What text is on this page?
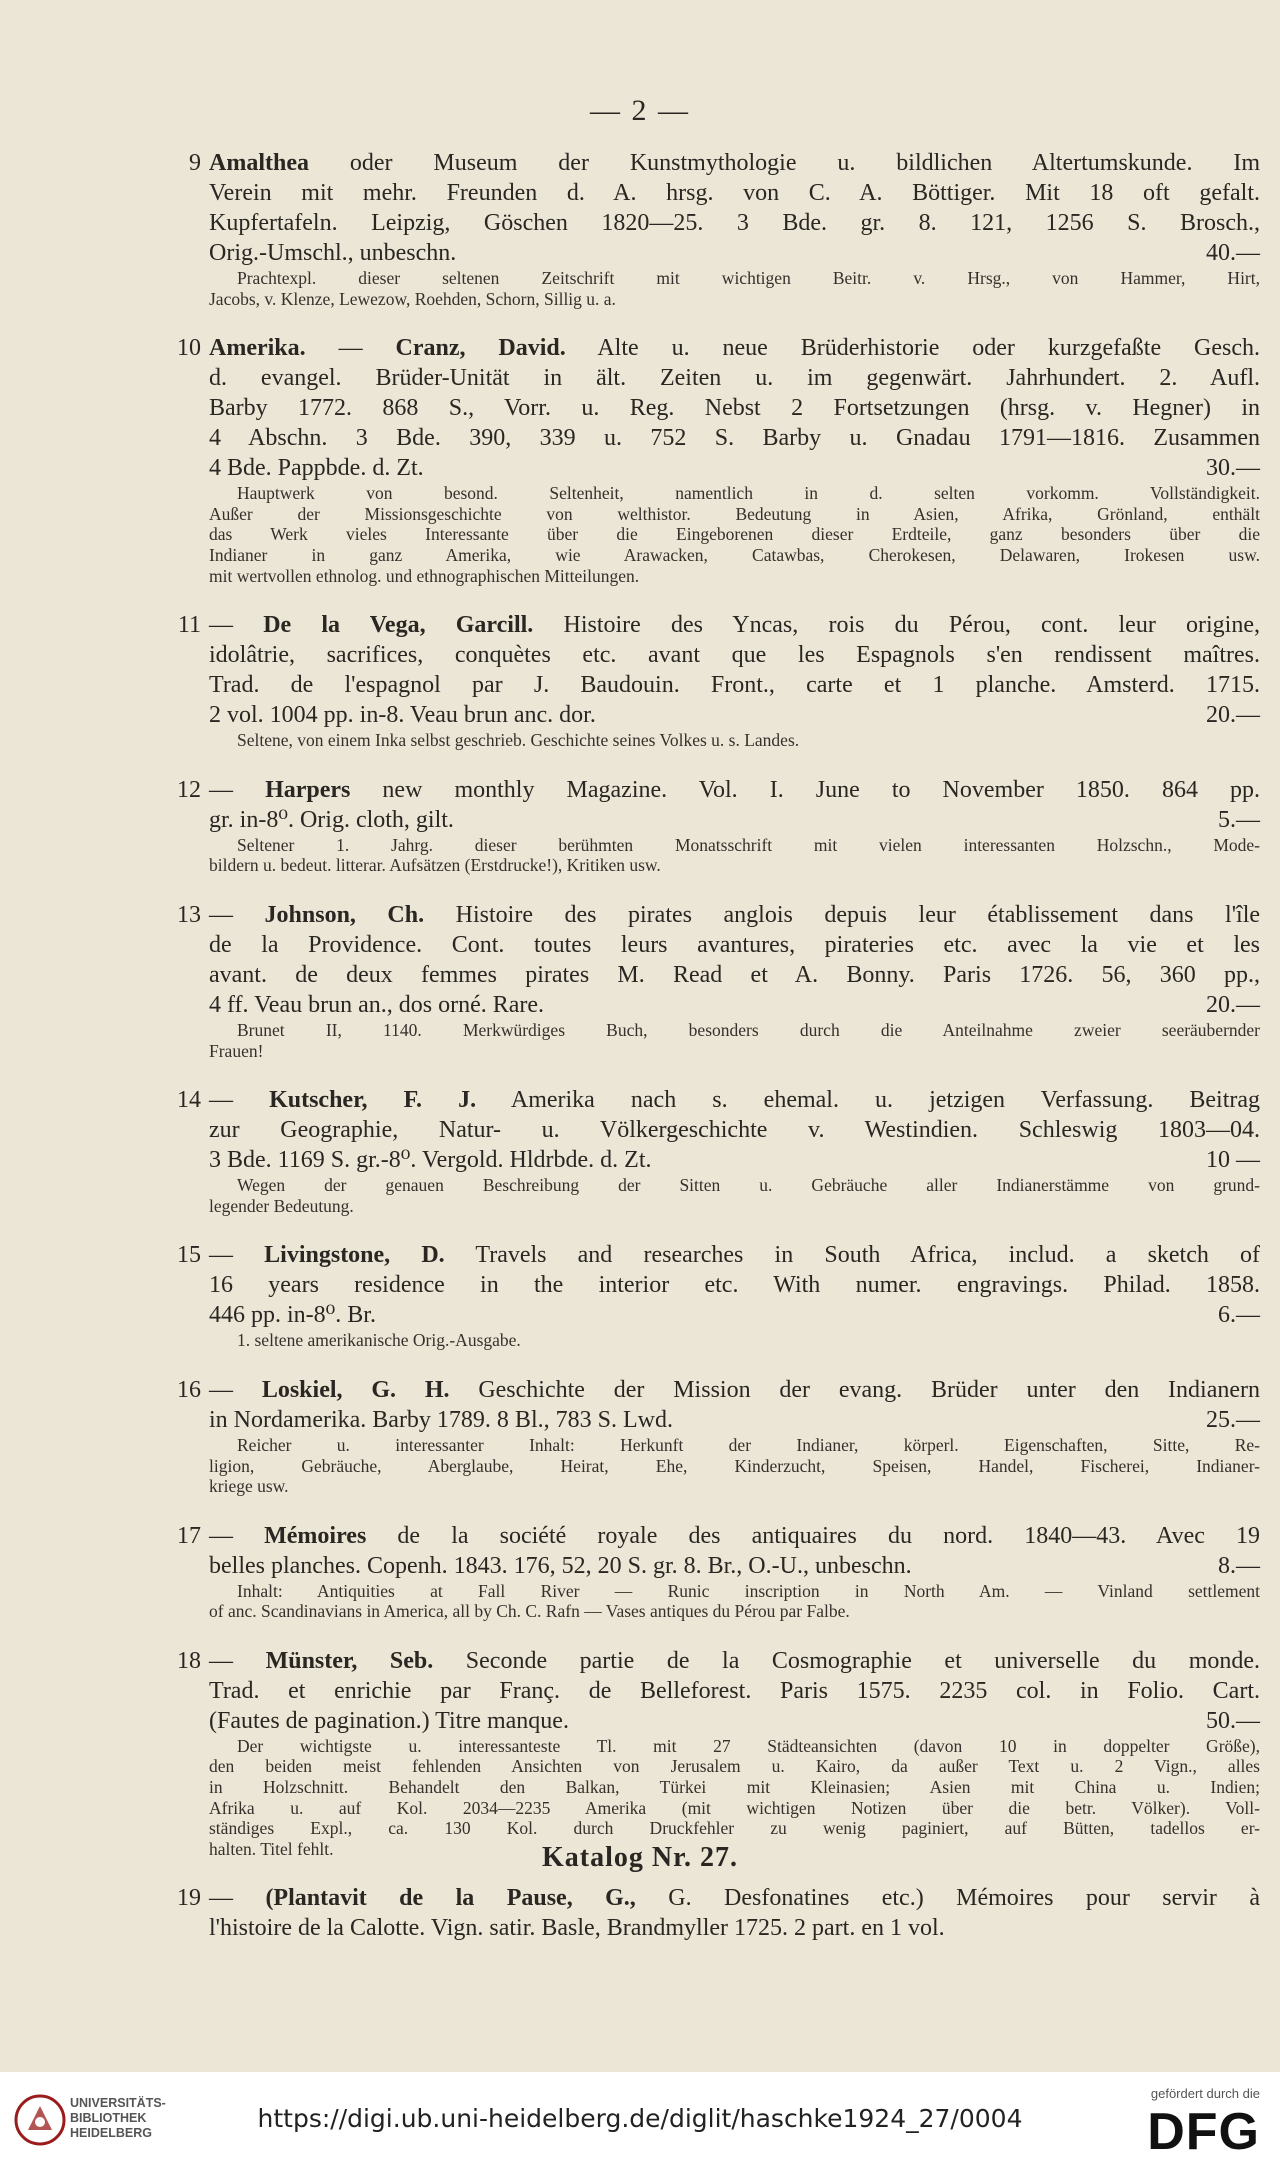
— 2 —
9 Amalthea oder Museum der Kunstmythologie u. bildlichen Altertumskunde. Im
Verein mit mehr. Freunden d. A. hrsg. von C. A. Böttiger. Mit 18 oft gefalt.
Kupfertafeln. Leipzig, Göschen 1820—25. 3 Bde. gr. 8. 121, 1256 S. Brosch.,
Orig.-Umschl., unbeschn.	40.—
Prachtexpl. dieser seltenen Zeitschrift mit wichtigen Beitr. v. Hrsg., von Hammer, Hirt,
Jacobs, v. Klenze, Lewezow, Roehden, Schorn, Sillig u. a.
10 Amerika. — Cranz, David. Alte u. neue Brüderhistorie oder kurzgefaßte Gesch.
d. evangel. Brüder-Unität in ält. Zeiten u. im gegenwärt. Jahrhundert. 2. Aufl.
Barby 1772. 868 S., Vorr. u. Reg. Nebst 2 Fortsetzungen (hrsg. v. Hegner) in
4 Abschn. 3 Bde. 390, 339 u. 752 S. Barby u. Gnadau 1791—1816. Zusammen
4 Bde. Pappbde. d. Zt.	30.—
Hauptwerk von besond. Seltenheit, namentlich in d. selten vorkomm. Vollständigkeit.
Außer der Missionsgeschichte von welthistor. Bedeutung in Asien, Afrika, Grönland, enthält
das Werk vieles Interessante über die Eingeborenen dieser Erdteile, ganz besonders über die
Indianer in ganz Amerika, wie Arawacken, Catawbas, Cherokesen, Delawaren, Irokesen usw.
mit wertvollen ethnolog. und ethnographischen Mitteilungen.
11 — De la Vega, Garcill. Histoire des Yncas, rois du Pérou, cont. leur origine,
idolâtrie, sacrifices, conquètes etc. avant que les Espagnols s'en rendissent maîtres.
Trad. de l'espagnol par J. Baudouin. Front., carte et 1 planche. Amsterd. 1715.
2 vol. 1004 pp. in-8. Veau brun anc. dor.	20.—
Seltene, von einem Inka selbst geschrieb. Geschichte seines Volkes u. s. Landes.
12 — Harpers new monthly Magazine. Vol. I. June to November 1850. 864 pp.
gr. in-8⁰. Orig. cloth, gilt.	5.—
Seltener 1. Jahrg. dieser berühmten Monatsschrift mit vielen interessanten Holzschn., Mode-
bildern u. bedeut. litterar. Aufsätzen (Erstdrucke!), Kritiken usw.
13 — Johnson, Ch. Histoire des pirates anglois depuis leur établissement dans l'île
de la Providence. Cont. toutes leurs avantures, pirateries etc. avec la vie et les
avant. de deux femmes pirates M. Read et A. Bonny. Paris 1726. 56, 360 pp.,
4 ff. Veau brun an., dos orné. Rare.	20.—
Brunet II, 1140. Merkwürdiges Buch, besonders durch die Anteilnahme zweier seeräubernder
Frauen!
14 — Kutscher, F. J. Amerika nach s. ehemal. u. jetzigen Verfassung. Beitrag
zur Geographie, Natur- u. Völkergeschichte v. Westindien. Schleswig 1803—04.
3 Bde. 1169 S. gr.-8⁰. Vergold. Hldrbde. d. Zt.	10 —
Wegen der genauen Beschreibung der Sitten u. Gebräuche aller Indianerstämme von grund-
legender Bedeutung.
15 — Livingstone, D. Travels and researches in South Africa, includ. a sketch of
16 years residence in the interior etc. With numer. engravings. Philad. 1858.
446 pp. in-8⁰. Br.	6.—
1. seltene amerikanische Orig.-Ausgabe.
16 — Loskiel, G. H. Geschichte der Mission der evang. Brüder unter den Indianern
in Nordamerika. Barby 1789. 8 Bl., 783 S. Lwd.	25.—
Reicher u. interessanter Inhalt: Herkunft der Indianer, körperl. Eigenschaften, Sitte, Re-
ligion, Gebräuche, Aberglaube, Heirat, Ehe, Kinderzucht, Speisen, Handel, Fischerei, Indianer-
kriege usw.
17 — Mémoires de la société royale des antiquaires du nord. 1840—43. Avec 19
belles planches. Copenh. 1843. 176, 52, 20 S. gr. 8. Br., O.-U., unbeschn.	8.—
Inhalt: Antiquities at Fall River — Runic inscription in North Am. — Vinland settlement
of anc. Scandinavians in America, all by Ch. C. Rafn — Vases antiques du Pérou par Falbe.
18 — Münster, Seb. Seconde partie de la Cosmographie et universelle du monde.
Trad. et enrichie par Franç. de Belleforest. Paris 1575. 2235 col. in Folio. Cart.
(Fautes de pagination.) Titre manque.	50.—
Der wichtigste u. interessanteste Tl. mit 27 Städteansichten (davon 10 in doppelter Größe),
den beiden meist fehlenden Ansichten von Jerusalem u. Kairo, da außer Text u. 2 Vign., alles
in Holzschnitt. Behandelt den Balkan, Türkei mit Kleinasien; Asien mit China u. Indien;
Afrika u. auf Kol. 2034—2235 Amerika (mit wichtigen Notizen über die betr. Völker). Voll-
ständiges Expl., ca. 130 Kol. durch Druckfehler zu wenig paginiert, auf Bütten, tadellos er-
halten. Titel fehlt.
19 — (Plantavit de la Pause, G., G. Desfonatines etc.) Mémoires pour servir à
l'histoire de la Calotte. Vign. satir. Basle, Brandmyller 1725. 2 part. en 1 vol.
Katalog Nr. 27.
UNIVERSITÄTS-
BIBLIOTHEK
HEIDELBERG	https://digi.ub.uni-heidelberg.de/diglit/haschke1924_27/0004
gefördert durch die
DFG
